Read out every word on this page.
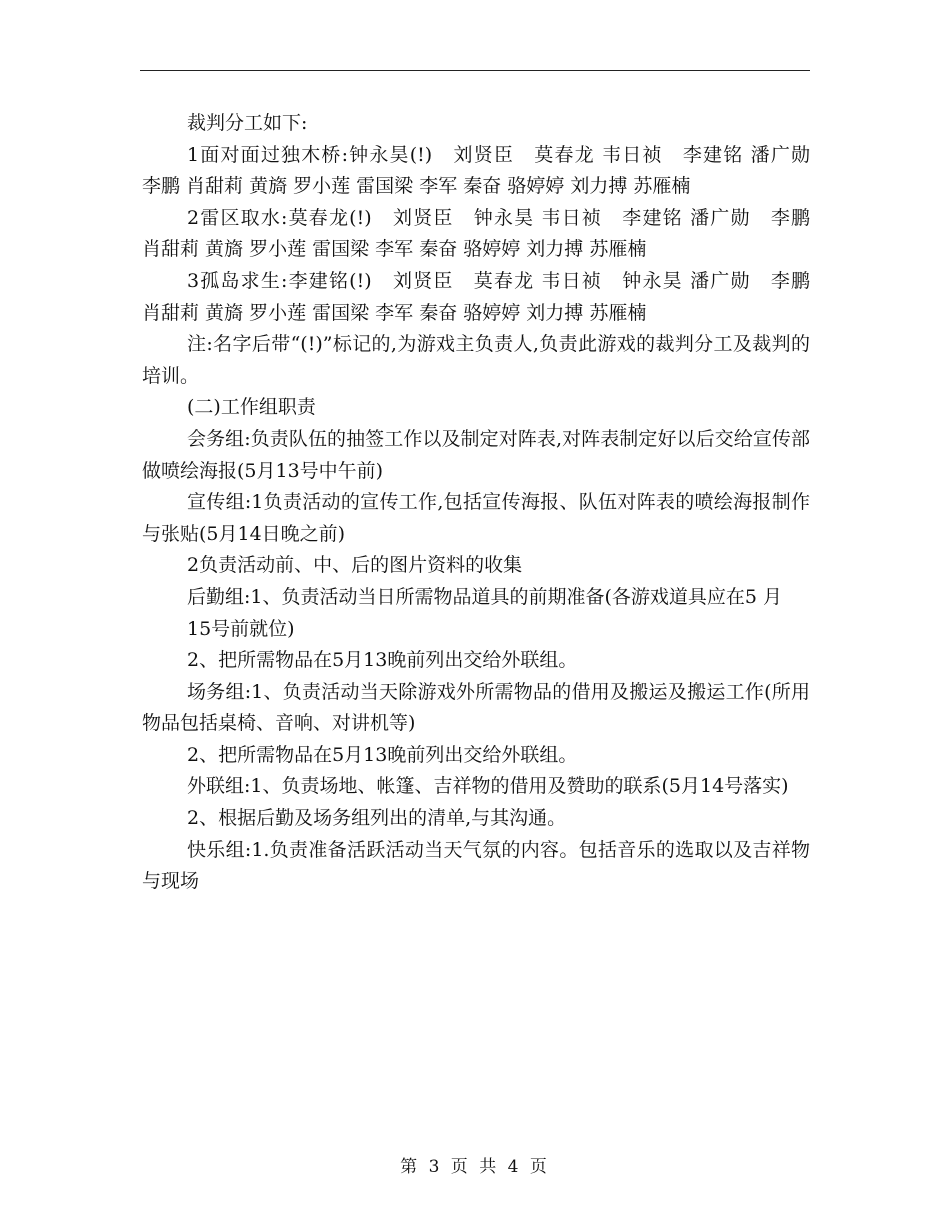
裁判分工如下:

1面对面过独木桥:钟永昊(!)　刘贤臣　莫春龙 韦日祯　李建铭 潘广勋　李鹏 肖甜莉 黄旖 罗小莲 雷国梁 李军 秦奋 骆婷婷 刘力搏 苏雁楠

2雷区取水:莫春龙(!)　刘贤臣　钟永昊 韦日祯　李建铭 潘广勋　李鹏　肖甜莉 黄旖 罗小莲 雷国梁 李军 秦奋 骆婷婷 刘力搏 苏雁楠

3孤岛求生:李建铭(!)　刘贤臣　莫春龙 韦日祯　钟永昊 潘广勋　李鹏　肖甜莉 黄旖 罗小莲 雷国梁 李军 秦奋 骆婷婷 刘力搏 苏雁楠

注:名字后带“(!)”标记的,为游戏主负责人,负责此游戏的裁判分工及裁判的培训。

(二)工作组职责

会务组:负责队伍的抽签工作以及制定对阵表,对阵表制定好以后交给宣传部做喷绘海报(5月13号中午前)

宣传组:1负责活动的宣传工作,包括宣传海报、队伍对阵表的喷绘海报制作与张贴(5月14日晚之前)

2负责活动前、中、后的图片资料的收集

后勤组:1、负责活动当日所需物品道具的前期准备(各游戏道具应在5 月

15号前就位)

2、把所需物品在5月13晚前列出交给外联组。

场务组:1、负责活动当天除游戏外所需物品的借用及搬运及搬运工作(所用物品包括桌椅、音响、对讲机等)

2、把所需物品在5月13晚前列出交给外联组。

外联组:1、负责场地、帐篷、吉祥物的借用及赞助的联系(5月14号落实)

2、根据后勤及场务组列出的清单,与其沟通。

快乐组:1.负责准备活跃活动当天气氛的内容。包括音乐的选取以及吉祥物与现场

第 3 页 共 4 页
